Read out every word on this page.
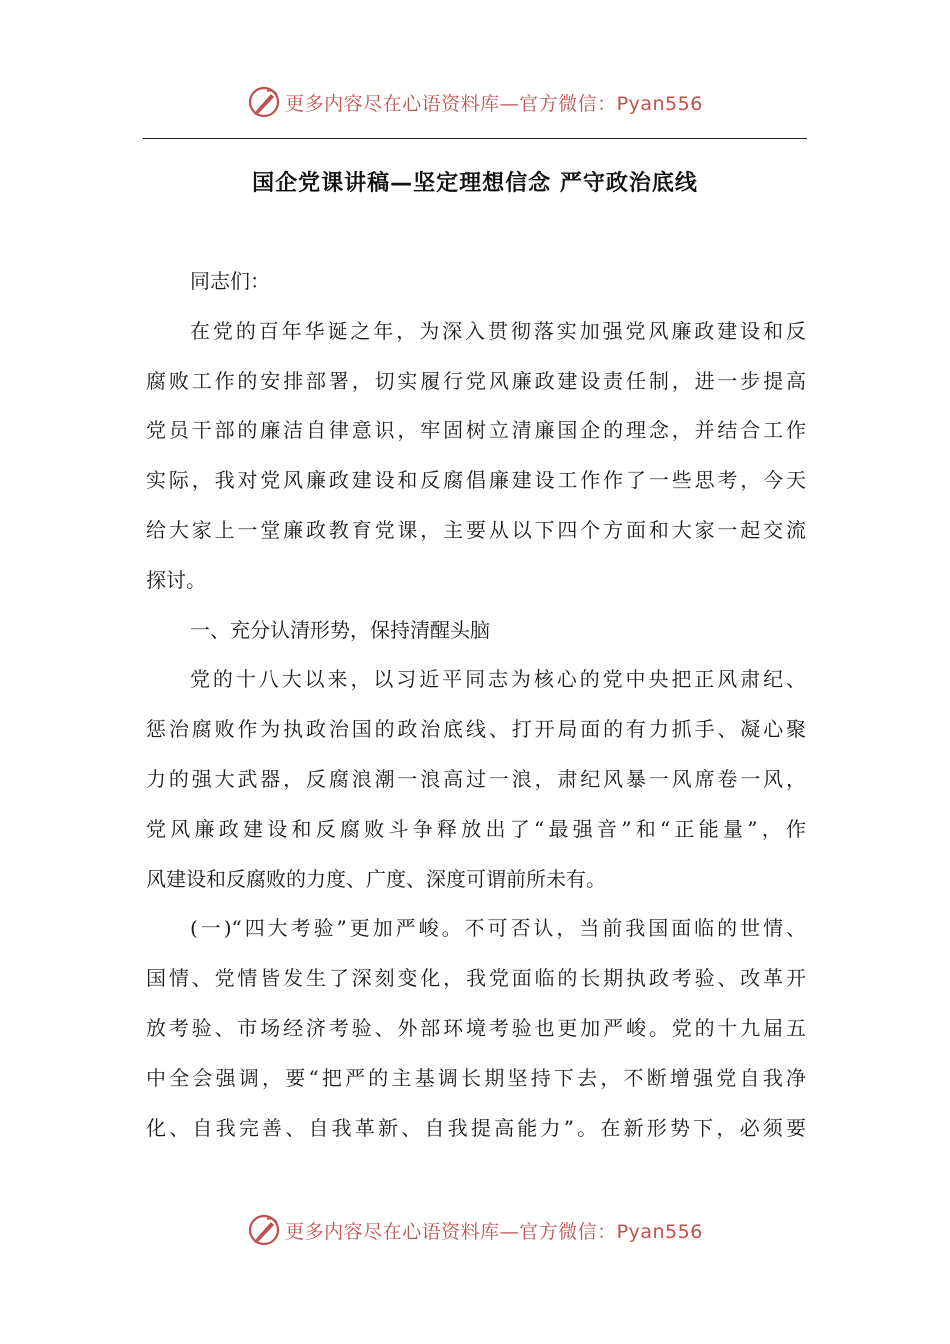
更多内容尽在心语资料库—官方微信：Pyan556
国企党课讲稿—坚定理想信念 严守政治底线
同志们：
在党的百年华诞之年，为深入贯彻落实加强党风廉政建设和反
腐败工作的安排部署，切实履行党风廉政建设责任制，进一步提高
党员干部的廉洁自律意识，牢固树立清廉国企的理念，并结合工作
实际，我对党风廉政建设和反腐倡廉建设工作作了一些思考，今天
给大家上一堂廉政教育党课，主要从以下四个方面和大家一起交流
探讨。
一、充分认清形势，保持清醒头脑
党的十八大以来，以习近平同志为核心的党中央把正风肃纪、
惩治腐败作为执政治国的政治底线、打开局面的有力抓手、凝心聚
力的强大武器，反腐浪潮一浪高过一浪，肃纪风暴一风席卷一风，
党风廉政建设和反腐败斗争释放出了“最强音”和“正能量”，作
风建设和反腐败的力度、广度、深度可谓前所未有。
(一)“四大考验”更加严峻。不可否认，当前我国面临的世情、
国情、党情皆发生了深刻变化，我党面临的长期执政考验、改革开
放考验、市场经济考验、外部环境考验也更加严峻。党的十九届五
中全会强调，要“把严的主基调长期坚持下去，不断增强党自我净
化、自我完善、自我革新、自我提高能力”。在新形势下，必须要
更多内容尽在心语资料库—官方微信：Pyan556
